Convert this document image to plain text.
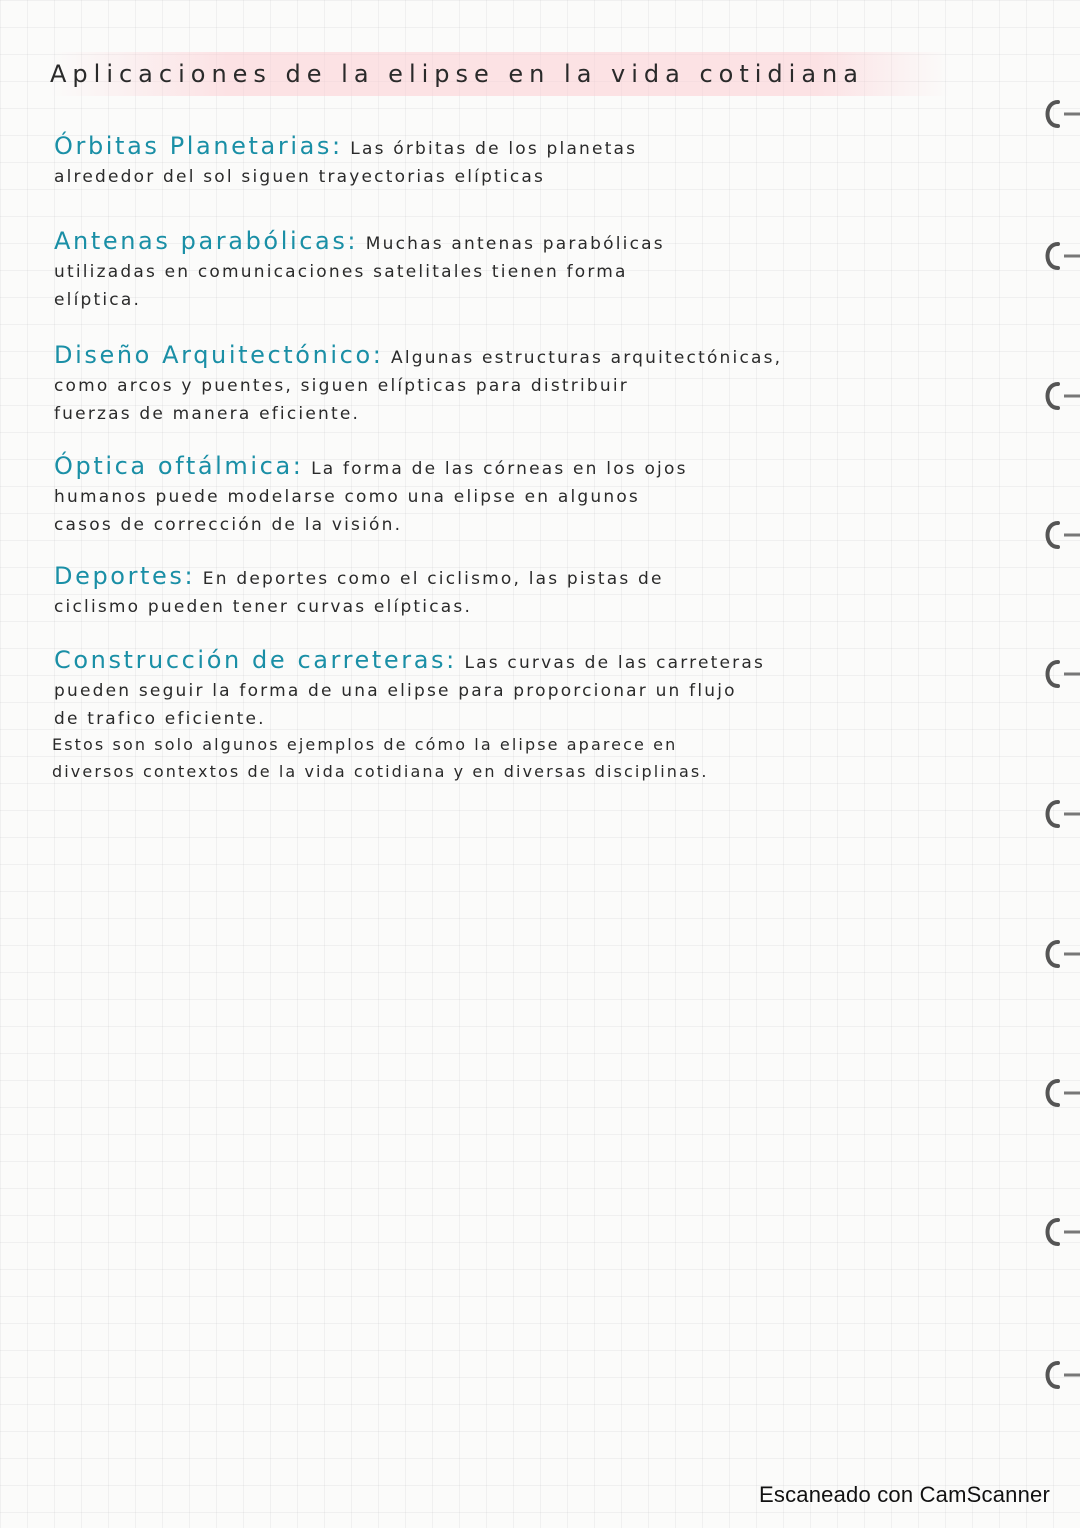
Aplicaciones de la elipse en la vida cotidiana

Órbitas Planetarias: Las órbitas de los planetas
alrededor del sol siguen trayectorias elípticas

Antenas parabólicas: Muchas antenas parabólicas
utilizadas en comunicaciones satelitales tienen forma
elíptica.

Diseño Arquitectónico: Algunas estructuras arquitectónicas,
como arcos y puentes, siguen elípticas para distribuir
fuerzas de manera eficiente.

Óptica oftálmica: La forma de las córneas en los ojos
humanos puede modelarse como una elipse en algunos
casos de corrección de la visión.

Deportes: En deportes como el ciclismo, las pistas de
ciclismo pueden tener curvas elípticas.

Construcción de carreteras: Las curvas de las carreteras
pueden seguir la forma de una elipse para proporcionar un flujo
de trafico eficiente.

Estos son solo algunos ejemplos de cómo la elipse aparece en
diversos contextos de la vida cotidiana y en diversas disciplinas.
Escaneado con CamScanner
